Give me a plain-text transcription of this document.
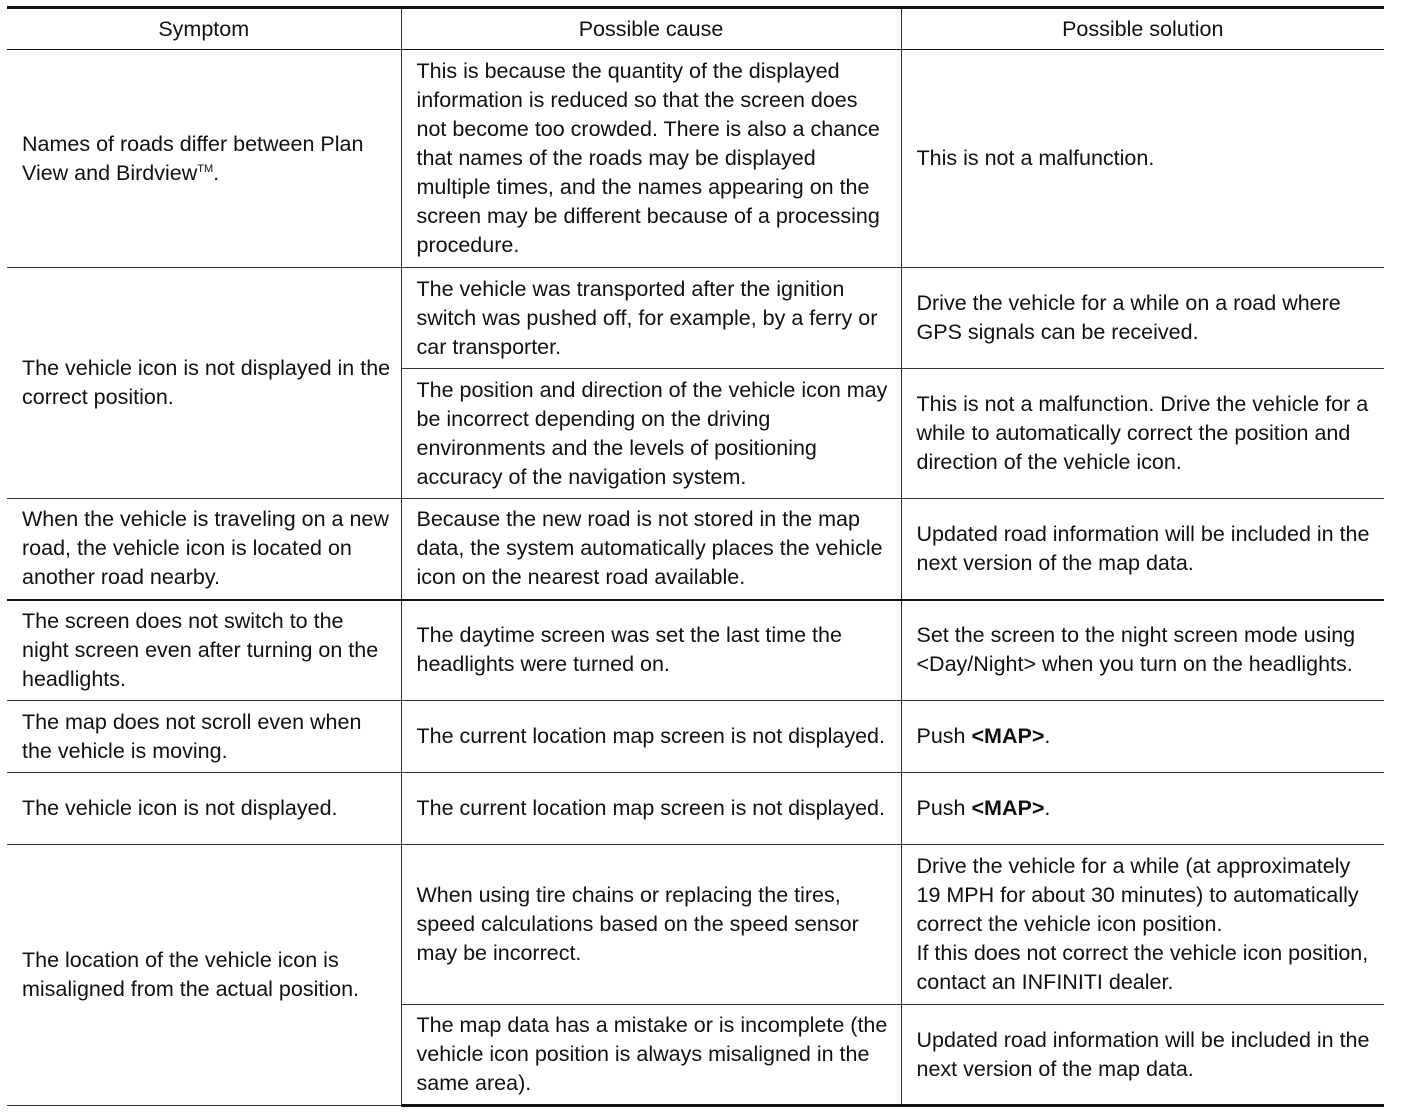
Symptom	Possible cause	Possible solution
Names of roads differ between Plan View and Birdview™.	This is because the quantity of the displayed information is reduced so that the screen does not become too crowded. There is also a chance that names of the roads may be displayed multiple times, and the names appearing on the screen may be different because of a processing procedure.	This is not a malfunction.
The vehicle icon is not displayed in the correct position.	The vehicle was transported after the ignition switch was pushed off, for example, by a ferry or car transporter.	Drive the vehicle for a while on a road where GPS signals can be received.
	The position and direction of the vehicle icon may be incorrect depending on the driving environments and the levels of positioning accuracy of the navigation system.	This is not a malfunction. Drive the vehicle for a while to automatically correct the position and direction of the vehicle icon.
When the vehicle is traveling on a new road, the vehicle icon is located on another road nearby.	Because the new road is not stored in the map data, the system automatically places the vehicle icon on the nearest road available.	Updated road information will be included in the next version of the map data.
The screen does not switch to the night screen even after turning on the headlights.	The daytime screen was set the last time the headlights were turned on.	Set the screen to the night screen mode using <Day/Night> when you turn on the headlights.
The map does not scroll even when the vehicle is moving.	The current location map screen is not displayed.	Push <MAP>.
The vehicle icon is not displayed.	The current location map screen is not displayed.	Push <MAP>.
The location of the vehicle icon is misaligned from the actual position.	When using tire chains or replacing the tires, speed calculations based on the speed sensor may be incorrect.	Drive the vehicle for a while (at approximately 19 MPH for about 30 minutes) to automatically correct the vehicle icon position.
If this does not correct the vehicle icon position, contact an INFINITI dealer.

	The map data has a mistake or is incomplete (the vehicle icon position is always misaligned in the same area).	Updated road information will be included in the next version of the map data.
